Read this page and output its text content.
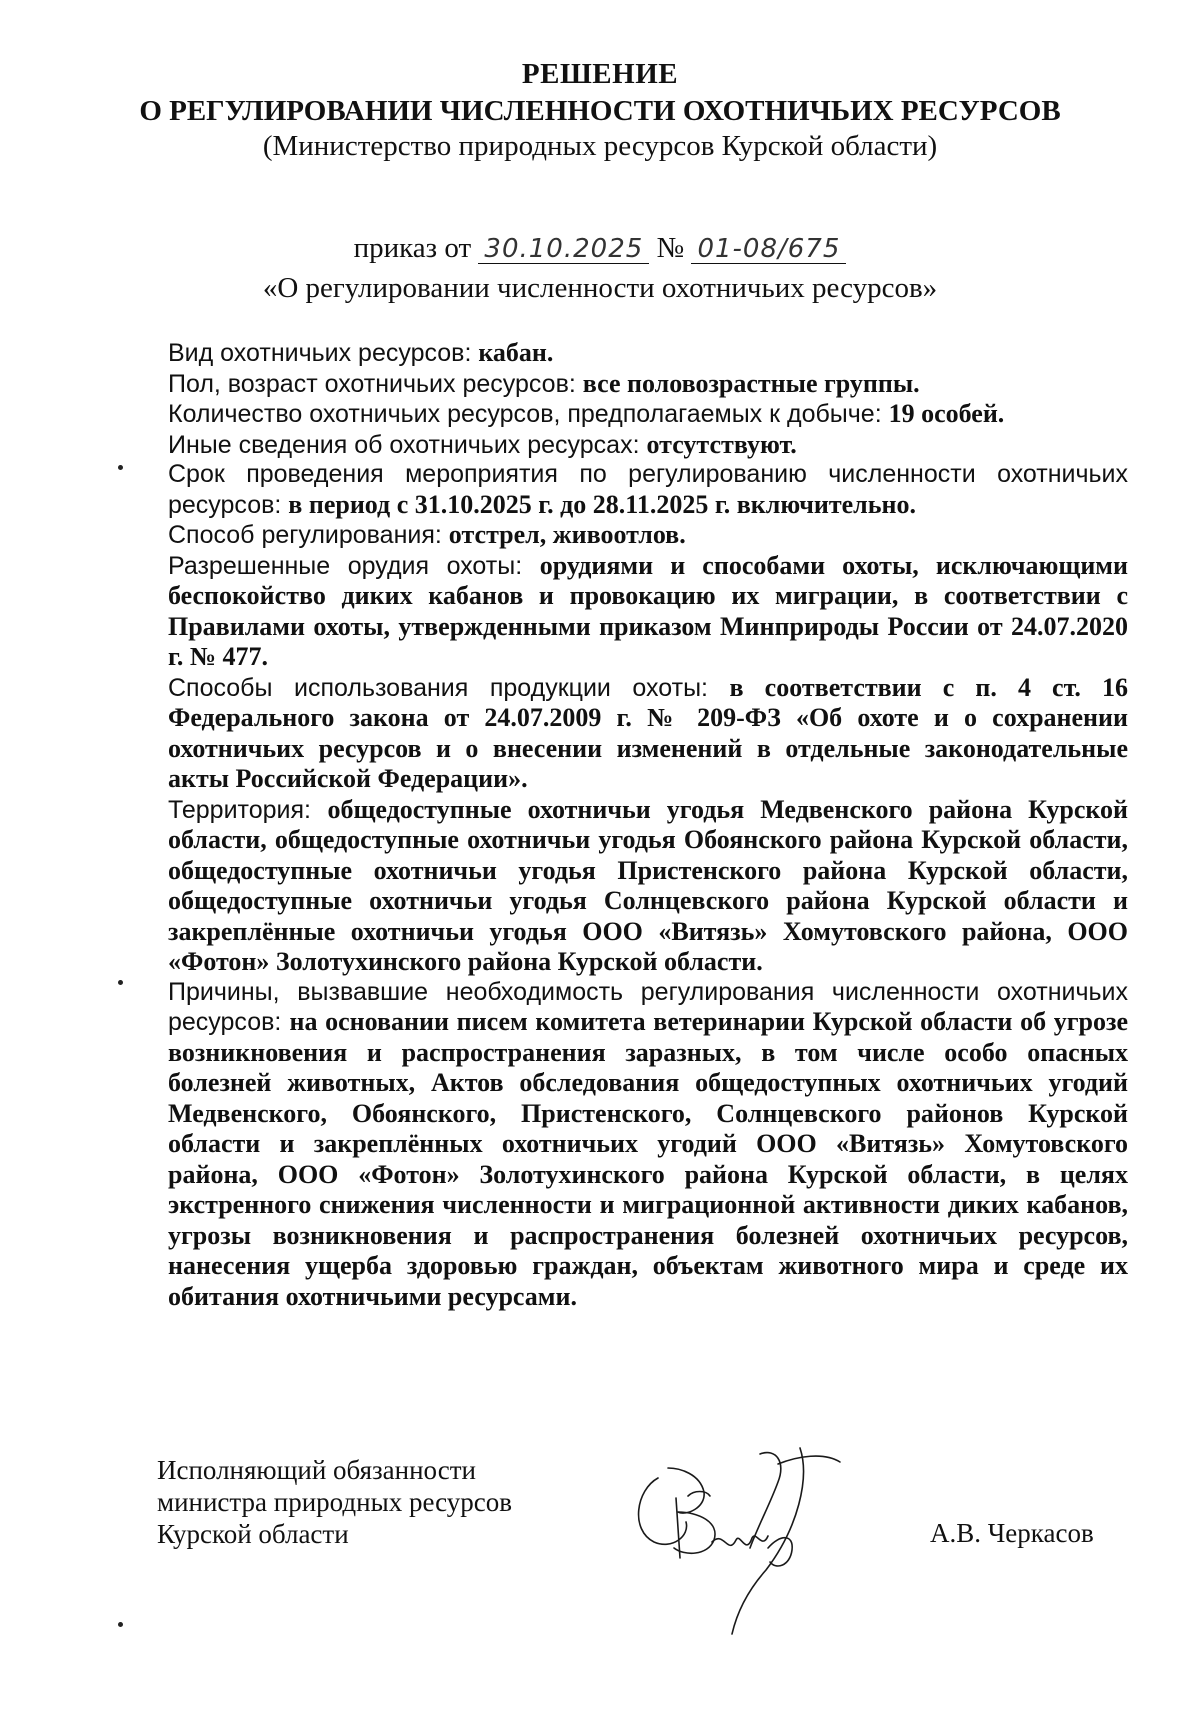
РЕШЕНИЕ
О РЕГУЛИРОВАНИИ ЧИСЛЕННОСТИ ОХОТНИЧЬИХ РЕСУРСОВ
(Министерство природных ресурсов Курской области)
приказ от 30.10.2025 № 01-08/675
«О регулировании численности охотничьих ресурсов»

Вид охотничьих ресурсов: кабан.

Пол, возраст охотничьих ресурсов: все половозрастные группы.

Количество охотничьих ресурсов, предполагаемых к добыче: 19 особей.

Иные сведения об охотничьих ресурсах: отсутствуют.

Срок проведения мероприятия по регулированию численности охотничьих ресурсов: в период с 31.10.2025 г. до 28.11.2025 г. включительно.

Способ регулирования: отстрел, живоотлов.

Разрешенные орудия охоты: орудиями и способами охоты, исключающими беспокойство диких кабанов и провокацию их миграции, в соответствии с Правилами охоты, утвержденными приказом Минприроды России от 24.07.2020 г. № 477.

Способы использования продукции охоты: в соответствии с п. 4 ст. 16 Федерального закона от 24.07.2009 г. № 209-ФЗ «Об охоте и о сохранении охотничьих ресурсов и о внесении изменений в отдельные законодательные акты Российской Федерации».

Территория: общедоступные охотничьи угодья Медвенского района Курской области, общедоступные охотничьи угодья Обоянского района Курской области, общедоступные охотничьи угодья Пристенского района Курской области, общедоступные охотничьи угодья Солнцевского района Курской области и закреплённые охотничьи угодья ООО «Витязь» Хомутовского района, ООО «Фотон» Золотухинского района Курской области.

Причины, вызвавшие необходимость регулирования численности охотничьих ресурсов: на основании писем комитета ветеринарии Курской области об угрозе возникновения и распространения заразных, в том числе особо опасных болезней животных, Актов обследования общедоступных охотничьих угодий Медвенского, Обоянского, Пристенского, Солнцевского районов Курской области и закреплённых охотничьих угодий ООО «Витязь» Хомутовского района, ООО «Фотон» Золотухинского района Курской области, в целях экстренного снижения численности и миграционной активности диких кабанов, угрозы возникновения и распространения болезней охотничьих ресурсов, нанесения ущерба здоровью граждан, объектам животного мира и среде их обитания охотничьими ресурсами.

Исполняющий обязанности
министра природных ресурсов
Курской области	А.В. Черкасов
